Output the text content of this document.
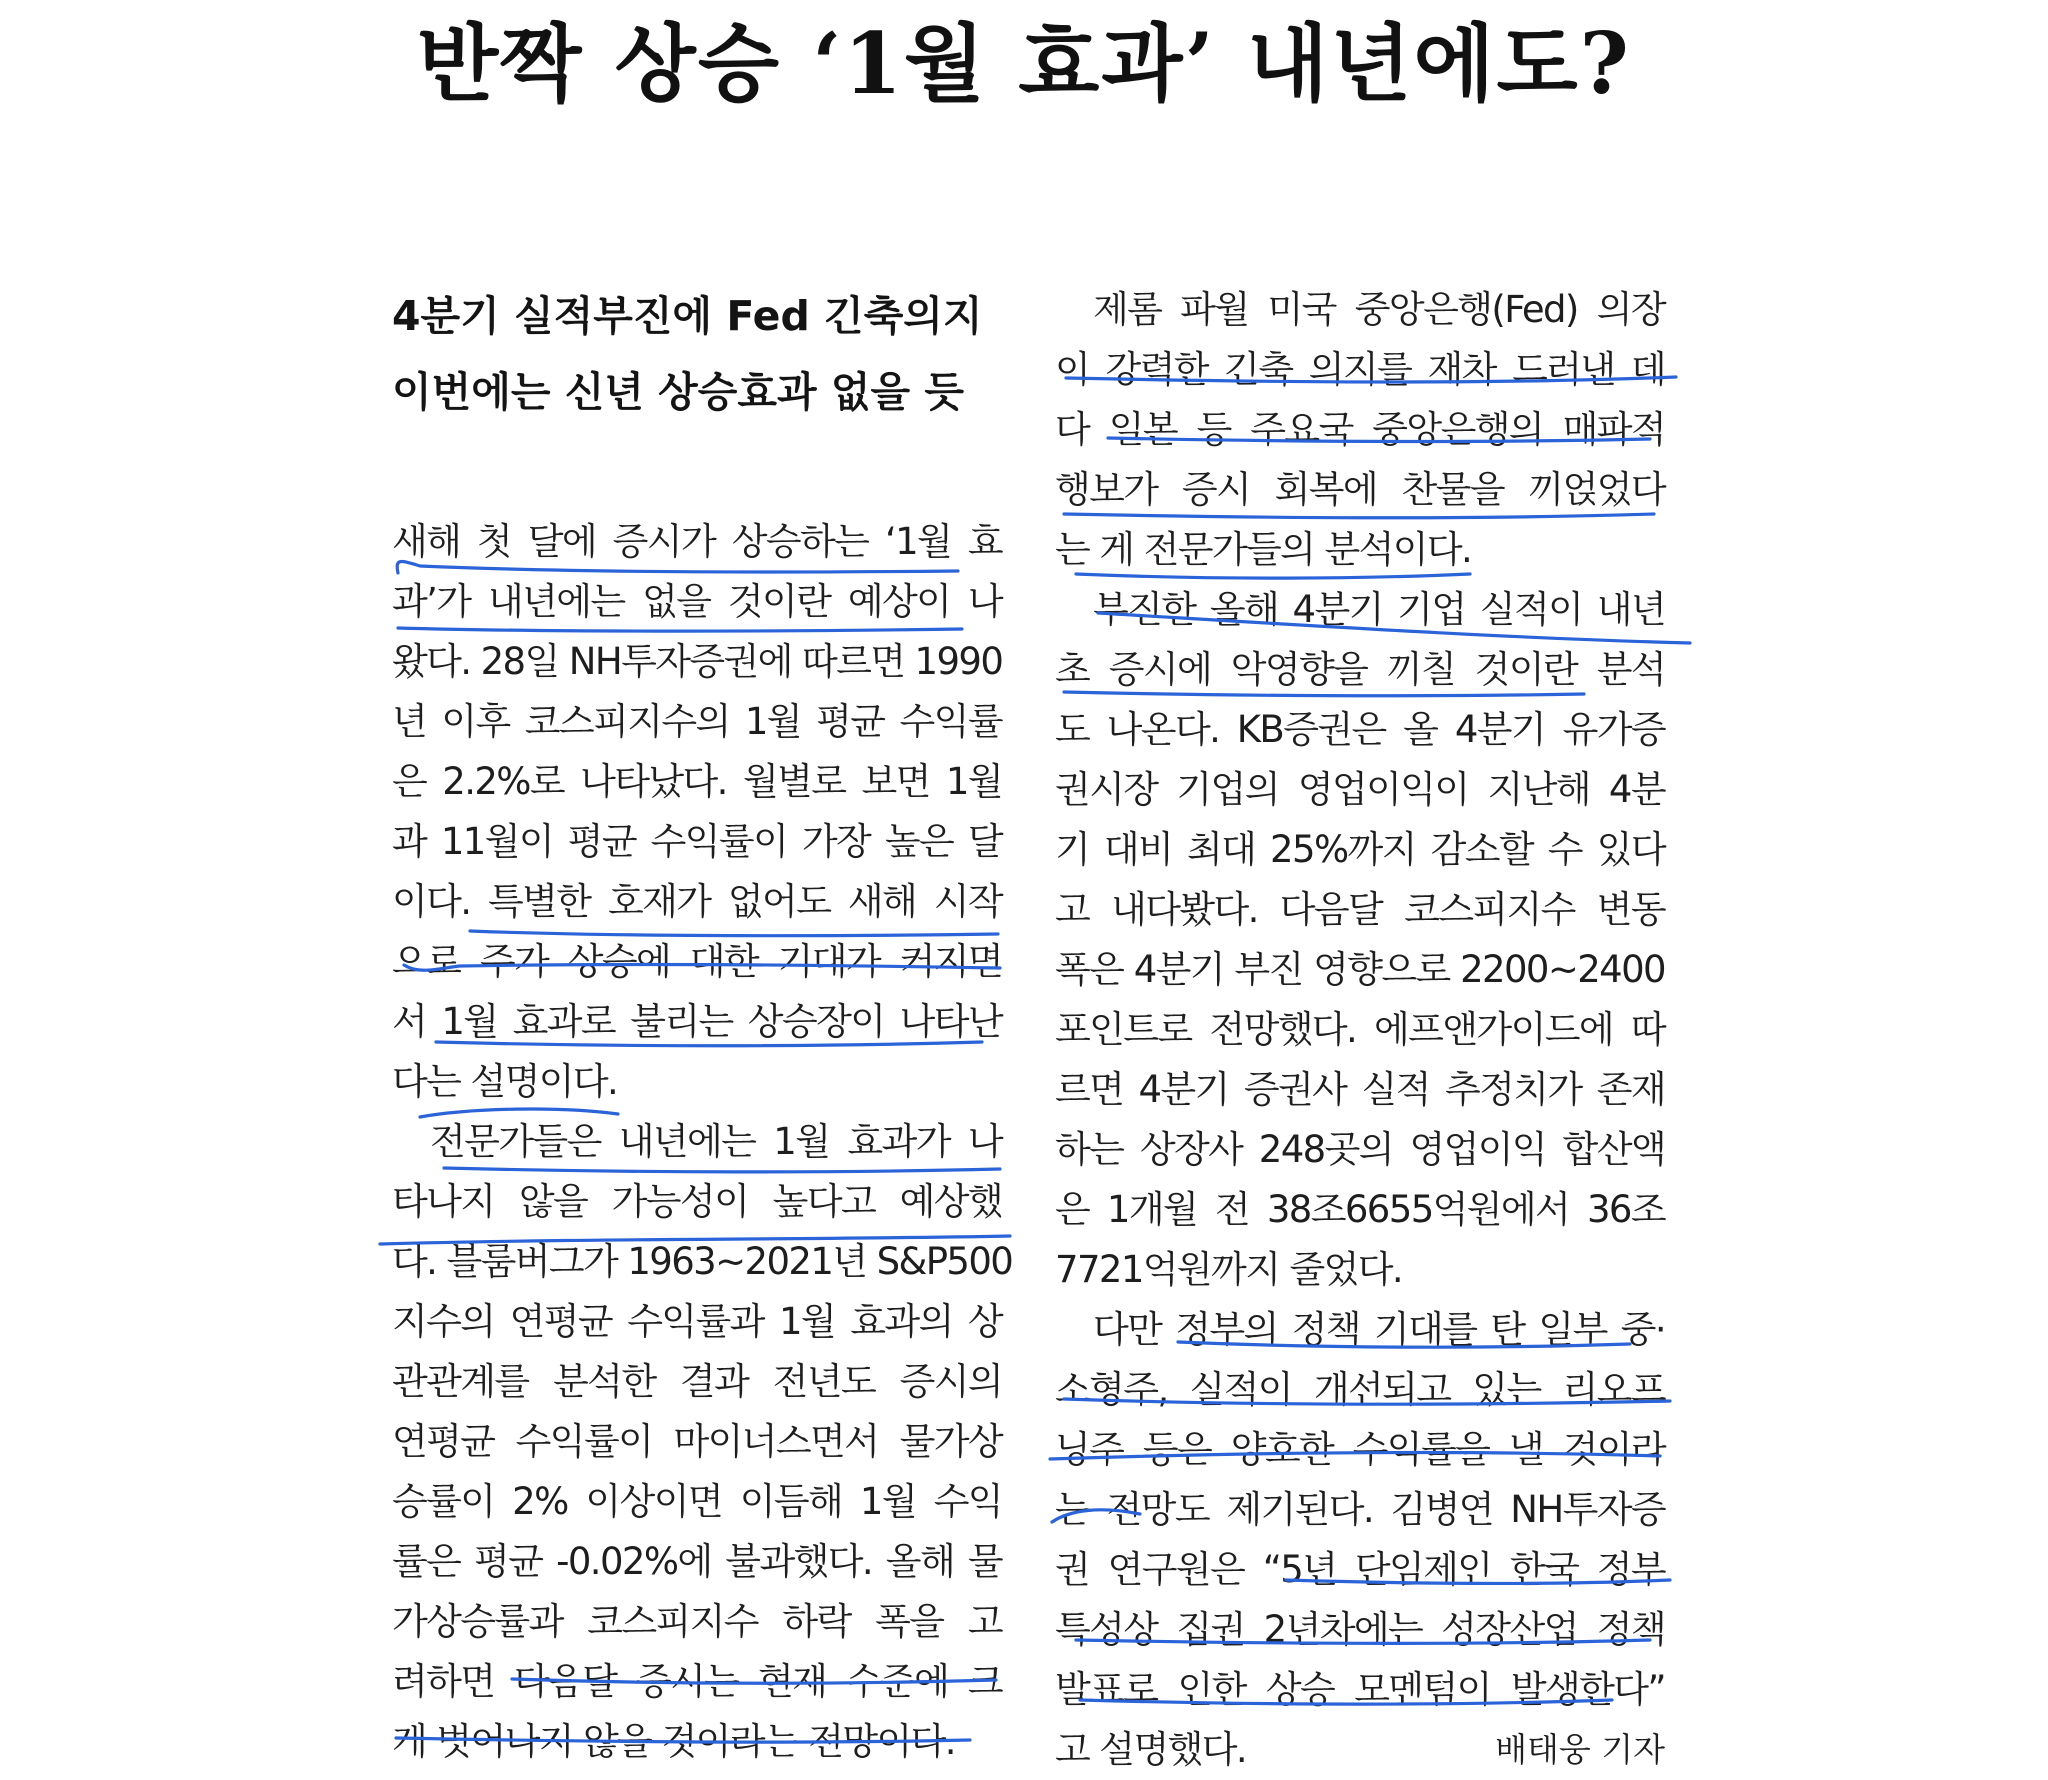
반짝 상승 ‘1월 효과’ 내년에도?
4분기 실적부진에 Fed 긴축의지
이번에는 신년 상승효과 없을 듯
새해 첫 달에 증시가 상승하는 ‘1월 효
과’가 내년에는 없을 것이란 예상이 나
왔다. 28일 NH투자증권에 따르면 1990
년 이후 코스피지수의 1월 평균 수익률
은 2.2%로 나타났다. 월별로 보면 1월
과 11월이 평균 수익률이 가장 높은 달
이다. 특별한 호재가 없어도 새해 시작
으로 주가 상승에 대한 기대가 커지면
서 1월 효과로 불리는 상승장이 나타난
다는 설명이다.
전문가들은 내년에는 1월 효과가 나
타나지 않을 가능성이 높다고 예상했
다. 블룸버그가 1963~2021년 S&P500
지수의 연평균 수익률과 1월 효과의 상
관관계를 분석한 결과 전년도 증시의
연평균 수익률이 마이너스면서 물가상
승률이 2% 이상이면 이듬해 1월 수익
률은 평균 -0.02%에 불과했다. 올해 물
가상승률과 코스피지수 하락 폭을 고
려하면 다음달 증시는 현재 수준에 크
게 벗어나지 않을 것이라는 전망이다.
제롬 파월 미국 중앙은행(Fed) 의장
이 강력한 긴축 의지를 재차 드러낸 데
다 일본 등 주요국 중앙은행의 매파적
행보가 증시 회복에 찬물을 끼얹었다
는 게 전문가들의 분석이다.
부진한 올해 4분기 기업 실적이 내년
초 증시에 악영향을 끼칠 것이란 분석
도 나온다. KB증권은 올 4분기 유가증
권시장 기업의 영업이익이 지난해 4분
기 대비 최대 25%까지 감소할 수 있다
고 내다봤다. 다음달 코스피지수 변동
폭은 4분기 부진 영향으로 2200~2400
포인트로 전망했다. 에프앤가이드에 따
르면 4분기 증권사 실적 추정치가 존재
하는 상장사 248곳의 영업이익 합산액
은 1개월 전 38조6655억원에서 36조
7721억원까지 줄었다.
다만 정부의 정책 기대를 탄 일부 중·
소형주, 실적이 개선되고 있는 리오프
닝주 등은 양호한 수익률을 낼 것이라
는 전망도 제기된다. 김병연 NH투자증
권 연구원은 “5년 단임제인 한국 정부
특성상 집권 2년차에는 성장산업 정책
발표로 인한 상승 모멘텀이 발생한다”
고 설명했다.	배태웅 기자
